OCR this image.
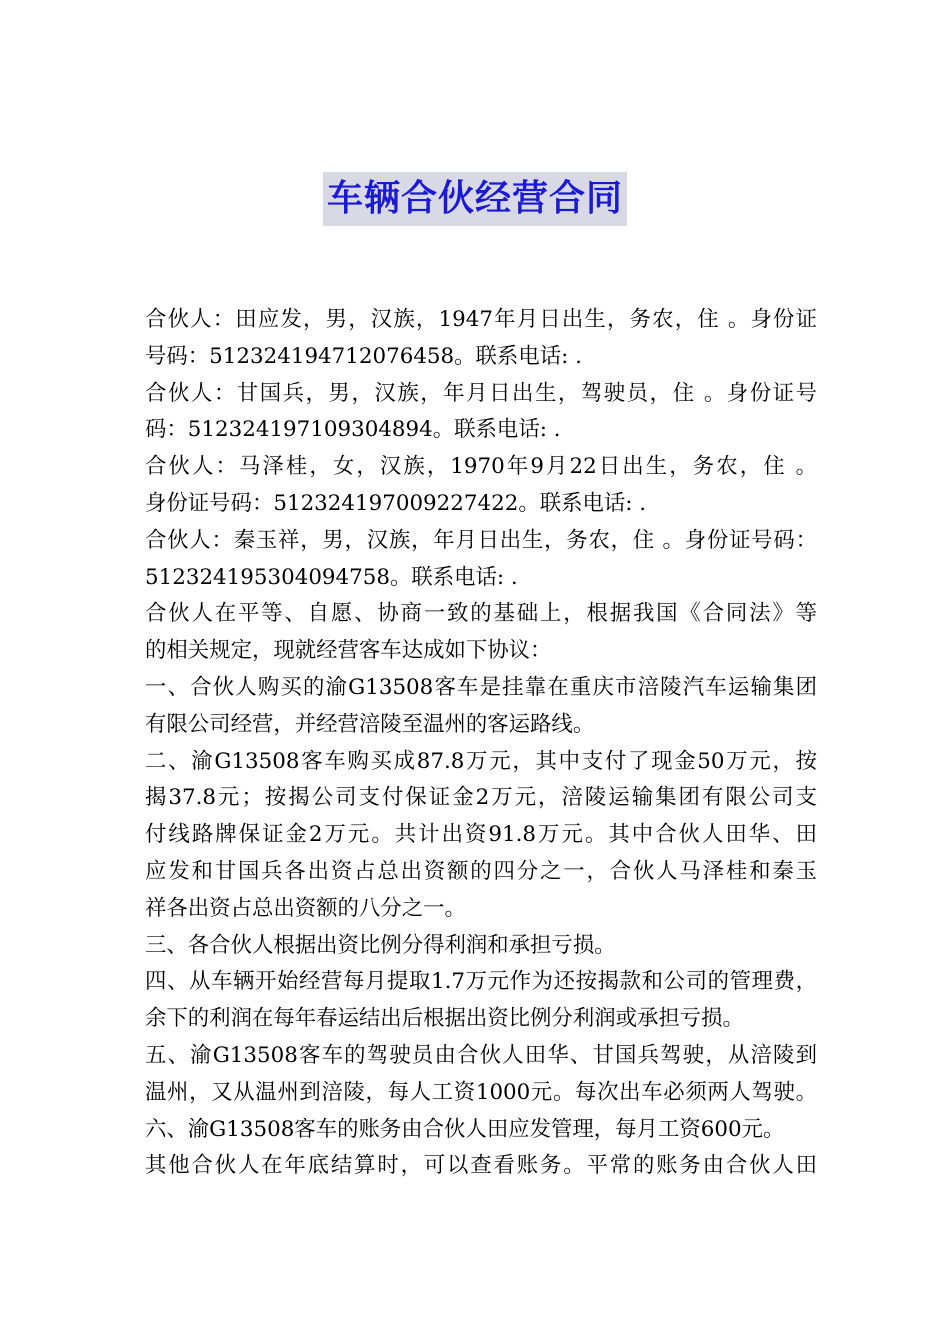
车辆合伙经营合同
合伙人：田应发，男，汉族，1947年月日出生，务农，住 。身份证
号码：512324194712076458。联系电话: .
合伙人：甘国兵，男，汉族，年月日出生，驾驶员，住 。身份证号
码：512324197109304894。联系电话: .
合伙人：马泽桂，女，汉族，1970年9月22日出生，务农，住 。
身份证号码：512324197009227422。联系电话: .
合伙人：秦玉祥，男，汉族，年月日出生，务农，住 。身份证号码：
512324195304094758。联系电话: .
合伙人在平等、自愿、协商一致的基础上，根据我国《合同法》等
的相关规定，现就经营客车达成如下协议：
一、合伙人购买的渝G13508客车是挂靠在重庆市涪陵汽车运输集团
有限公司经营，并经营涪陵至温州的客运路线。
二、渝G13508客车购买成87.8万元，其中支付了现金50万元，按
揭37.8元；按揭公司支付保证金2万元，涪陵运输集团有限公司支
付线路牌保证金2万元。共计出资91.8万元。其中合伙人田华、田
应发和甘国兵各出资占总出资额的四分之一，合伙人马泽桂和秦玉
祥各出资占总出资额的八分之一。
三、各合伙人根据出资比例分得利润和承担亏损。
四、从车辆开始经营每月提取1.7万元作为还按揭款和公司的管理费，
余下的利润在每年春运结出后根据出资比例分利润或承担亏损。
五、渝G13508客车的驾驶员由合伙人田华、甘国兵驾驶，从涪陵到
温州，又从温州到涪陵，每人工资1000元。每次出车必须两人驾驶。
六、渝G13508客车的账务由合伙人田应发管理，每月工资600元。
其他合伙人在年底结算时，可以查看账务。平常的账务由合伙人田
